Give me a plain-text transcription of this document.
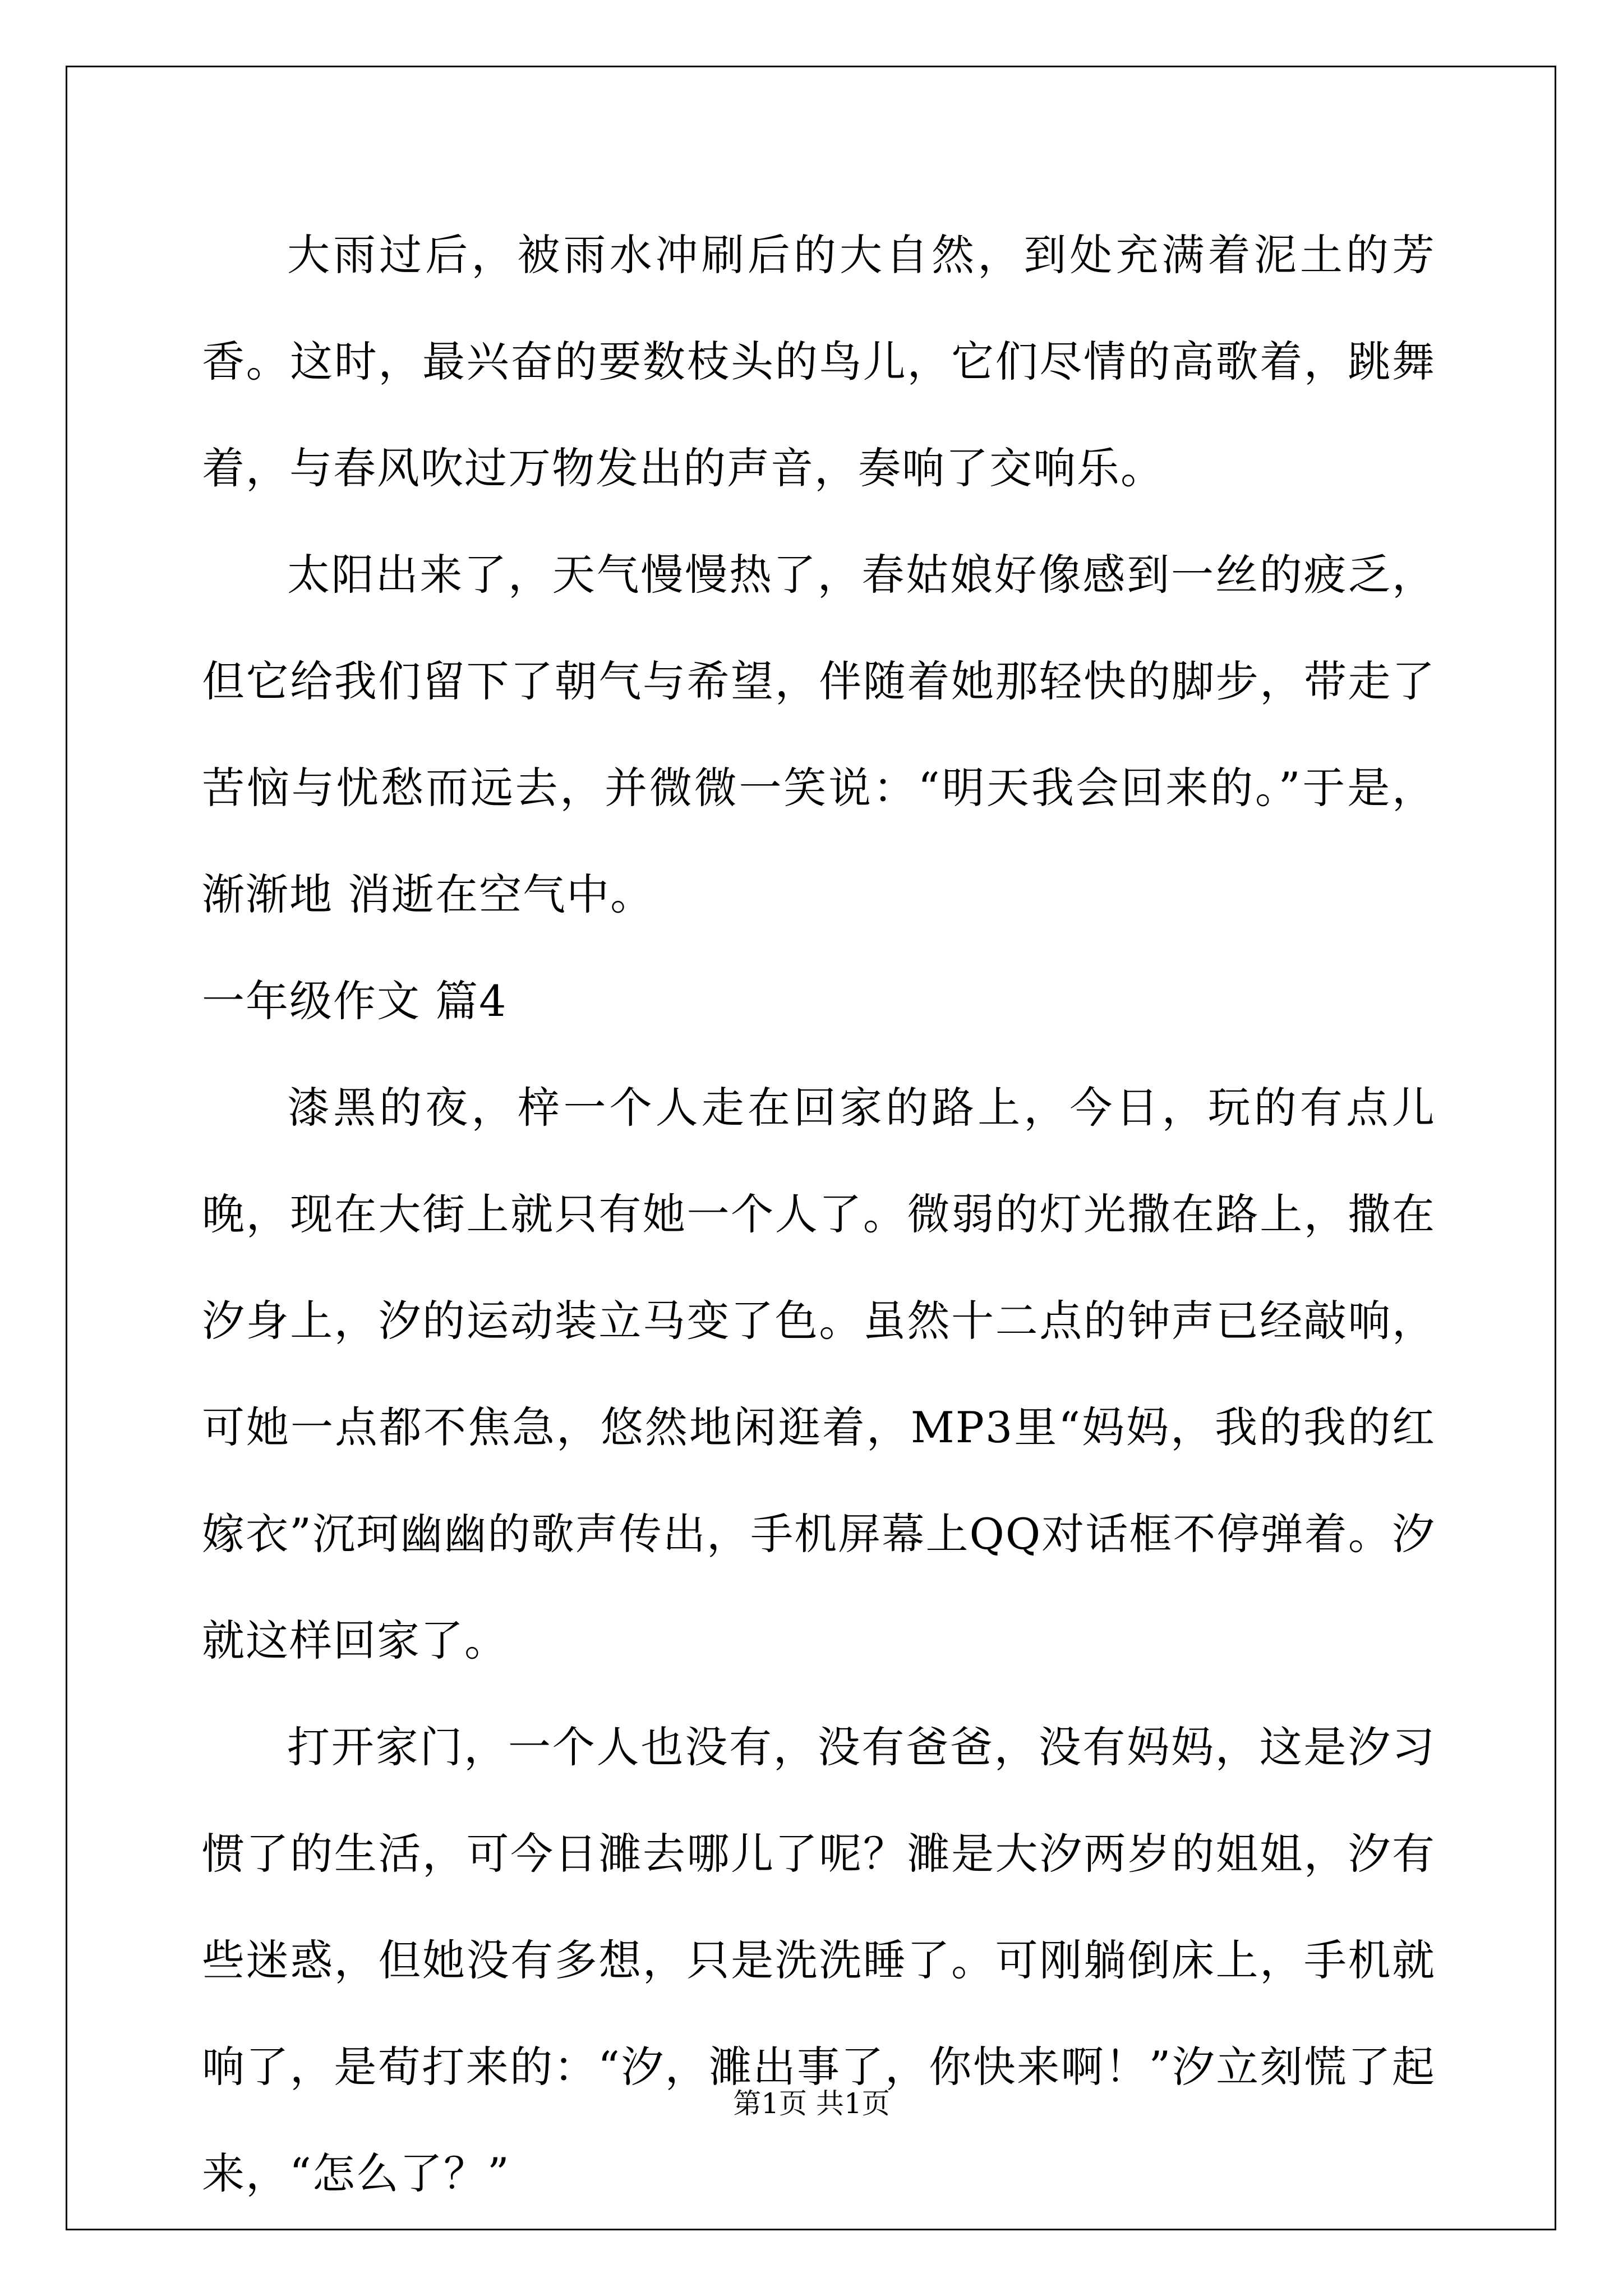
大雨过后，被雨水冲刷后的大自然，到处充满着泥土的芳香。这时，最兴奋的要数枝头的鸟儿，它们尽情的高歌着，跳舞着，与春风吹过万物发出的声音，奏响了交响乐。

太阳出来了，天气慢慢热了，春姑娘好像感到一丝的疲乏，但它给我们留下了朝气与希望，伴随着她那轻快的脚步，带走了苦恼与忧愁而远去，并微微一笑说：“明天我会回来的。”于是，渐渐地 消逝在空气中。

一年级作文 篇4

漆黑的夜，梓一个人走在回家的路上，今日，玩的有点儿晚，现在大街上就只有她一个人了。微弱的灯光撒在路上，撒在汐身上，汐的运动装立马变了色。虽然十二点的钟声已经敲响，可她一点都不焦急，悠然地闲逛着，MP3里“妈妈，我的我的红嫁衣”沉珂幽幽的歌声传出，手机屏幕上QQ对话框不停弹着。汐就这样回家了。

打开家门，一个人也没有，没有爸爸，没有妈妈，这是汐习惯了的生活，可今日濉去哪儿了呢？濉是大汐两岁的姐姐，汐有些迷惑，但她没有多想，只是洗洗睡了。可刚躺倒床上，手机就响了，是荀打来的：“汐，濉出事了，你快来啊！”汐立刻慌了起来，“怎么了？”

第1页 共1页
